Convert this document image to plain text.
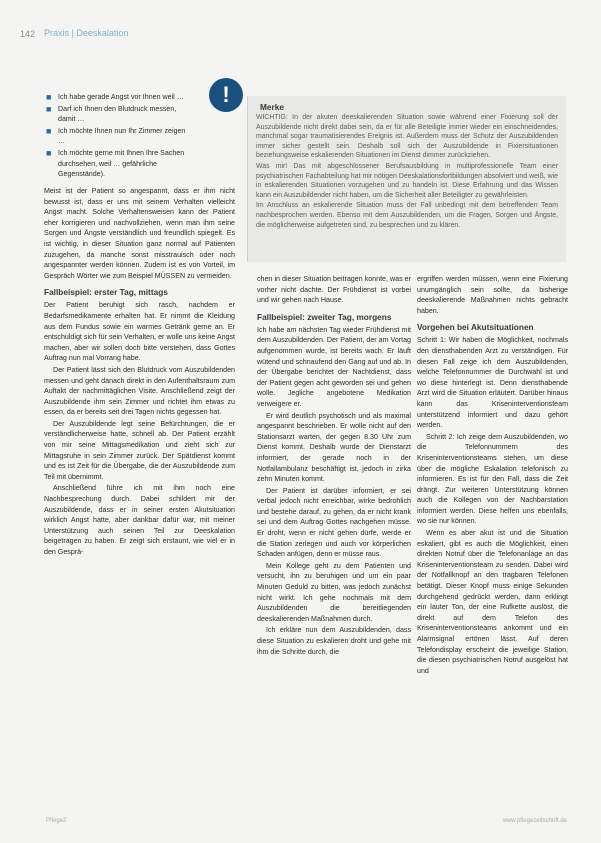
142 Praxis | Deeskalation
■ Ich habe gerade Angst vor Ihnen weil …
■ Darf ich Ihnen den Blutdruck messen, damit …
■ Ich möchte Ihnen nun Ihr Zimmer zeigen …
■ Ich möchte gerne mit Ihnen Ihre Sachen durchsehen, weil … gefährliche Gegenstände).

Meist ist der Patient so angespannt, dass er ihm nicht bewusst ist, dass er uns mit seinem Verhalten vielleicht Angst macht. Solche Verhaltensweisen kann der Patient eher korrigieren und nachvollziehen, wenn man ihm seine Sorgen und Ängste verständlich und freundlich spiegelt. Es ist wichtig, in dieser Situation ganz normal auf Patienten zuzugehen, da manche sonst misstrauisch oder noch angespannter werden können. Zudem ist es von Vorteil, im Gespräch Wörter wie zum Beispiel MÜSSEN zu vermeiden.

Fallbeispiel: erster Tag, mittags

Der Patient beruhigt sich rasch, nachdem er Bedarfsmedikamente erhalten hat. Er nimmt die Kleidung aus dem Fundus sowie ein warmes Getränk gerne an. Er entschuldigt sich für sein Verhalten, er wolle uns keine Angst machen, aber wir sollen doch bitte verstehen, dass Gottes Auftrag nun mal Vorrang habe.

Der Patient lässt sich den Blutdruck vom Auszubildenden messen und geht danach direkt in den Aufenthaltsraum zum Auftakt der nachmittäglichen Visite. Anschließend zeigt der Auszubildende ihm sein Zimmer und richtet ihm etwas zu essen, da er bereits seit drei Tagen nichts gegessen hat.

Der Auszubildende legt seine Befürchtungen, die er verständlicherweise hatte, schnell ab. Der Patient erzählt von mir seine Mittagsmedikation und zieht sich zur Mittagsruhe in sein Zimmer zurück. Der Spätdienst kommt und es ist Zeit für die Übergabe, die der Auszubildende zum Teil mit übernimmt.

Anschließend führe ich mit ihm noch eine Nachbesprechung durch. Dabei schildert mir der Auszubildende, dass er in seiner ersten Akutsituation wirklich Angst hatte, aber dankbar dafür war, mit meiner Unterstützung auch seinen Teil zur Deeskalation beigetragen zu haben. Er zeigt sich erstaunt, wie viel er in den Gesprä-

!	Merke

WICHTIG: In der akuten deeskalierenden Situation sowie während einer Fixierung soll der Auszubildende nicht direkt dabei sein, da er für alle Beteiligte immer wieder ein einschneidendes, manchmal sogar traumatisierendes Ereignis ist. Außerdem muss der Schutz der Auszubildenden immer sicher gestellt sein. Deshalb soll sich der Auszubildende in Fixiersituationen beziehungsweise eskalierenden Situationen im Dienst dimmer zurückziehen.

Was mir! Das mit abgeschlossener Berufsausbildung in multiprofessionelle Team einer psychiatrischen Fachabteilung hat mir nötigen Deeskalationsfortbildungen absolviert und weiß, wie in eskalierenden Situationen vorzugehen und zu handeln ist. Diese Erfahrung und das Wissen kann ein Auszubildender nicht haben, um die Sicherheit aller Beteiligter zu gewährleisten.

Im Anschluss an eskalierende Situation muss der Fall unbedingt mit dem betreffenden Team nachbesprochen werden. Ebenso mit dem Auszubildenden, um die Fragen, Sorgen und Ängste, die möglicherweise aufgetreten sind, zu besprechen und zu klären.

chen in dieser Situation beitragen konnte, was er vorher nicht dachte. Der Frühdienst ist vorbei und wir gehen nach Hause.

Fallbeispiel: zweiter Tag, morgens

Ich habe am nächsten Tag wieder Frühdienst mit dem Auszubildenden. Der Patient, der am Vortag aufgenommen wurde, ist bereits wach. Er läuft wütend und schnaufend den Gang auf und ab. In der Übergabe berichtet der Nachtdienst, dass der Patient gegen acht geworden sei und gehen wolle. Jegliche angebotene Medikation verweigere er.

Er wird deutlich psychotisch und als maximal angespannt beschrieben. Er wolle nicht auf den Stationsarzt warten, der gegen 8.30 Uhr zum Dienst kommt. Deshalb wurde der Dienstarzt informiert, der gerade noch in der Notfallambulanz beschäftigt ist, jedoch in zirka zehn Minuten kommt.

Der Patient ist darüber informiert, er sei verbal jedoch nicht erreichbar, wirke bedrohlich und bestehe darauf, zu gehen, da er nicht krank sei und dem Auftrag Gottes nachgehen müsse. Er droht, wenn er nicht gehen dürfe, werde er die Station zerlegen und auch vor körperlichen Schaden anfügen, denn er müsse raus.

Mein Kollege geht zu dem Patienten und versucht, ihn zu beruhigen und um ein paar Minuten Geduld zu bitten, was jedoch zunächst nicht wirkt. Ich gehe nochmals mit dem Auszubildenden die bereitliegenden deeskalierenden Maßnahmen durch.

Ich erkläre nun dem Auszubildenden, dass diese Situation zu eskalieren droht und gehe mit ihm die Schritte durch, die

ergriffen werden müssen, wenn eine Fixierung unumgänglich sein sollte, da bisherige deeskalierende Maßnahmen nichts gebracht haben.

Vorgehen bei Akutsituationen

Schritt 1: Wir haben die Möglichkeit, nochmals den diensthabenden Arzt zu verständigen. Für diesen Fall zeige ich dem Auszubildenden, welche Telefonnummer die Durchwahl ist und wo diese hinterlegt ist. Denn diensthabende Arzt wird die Situation erläutert. Darüber hinaus kann das Kriseninterventionsteam unterstützend informiert und dazu gehört werden.

Schritt 2: Ich zeige dem Auszubildenden, wo die Telefonnummern des Kriseninterventionsteams stehen, um diese über die mögliche Eskalation telefonisch zu informieren. Es ist für den Fall, dass die Zeit drängt. Zur weiteren Unterstützung können auch die Kollegen von der Nachbarstation informiert werden. Diese helfen uns ebenfalls, wo sie nur können.

Wenn es aber akut ist und die Situation eskaliert, gibt es auch die Möglichkeit, einen direkten Notruf über die Telefonanlage an das Kriseninterventionsteam zu senden. Dabei wird der Notfallknopf an den tragbaren Telefonen betätigt. Dieser Knopf muss einige Sekunden durchgehend gedrückt werden, dann erklingt ein lauter Ton, der eine Rufkette auslöst, die direkt auf dem Telefon des Kriseninterventionsteams ankommt und ein Alarmsignal ertönen lässt. Auf deren Telefondisplay erscheint die jeweilige Station, die diesen psychiatrischen Notruf ausgelöst hat und

PflegeZ	www.pflegezeitschrift.de
